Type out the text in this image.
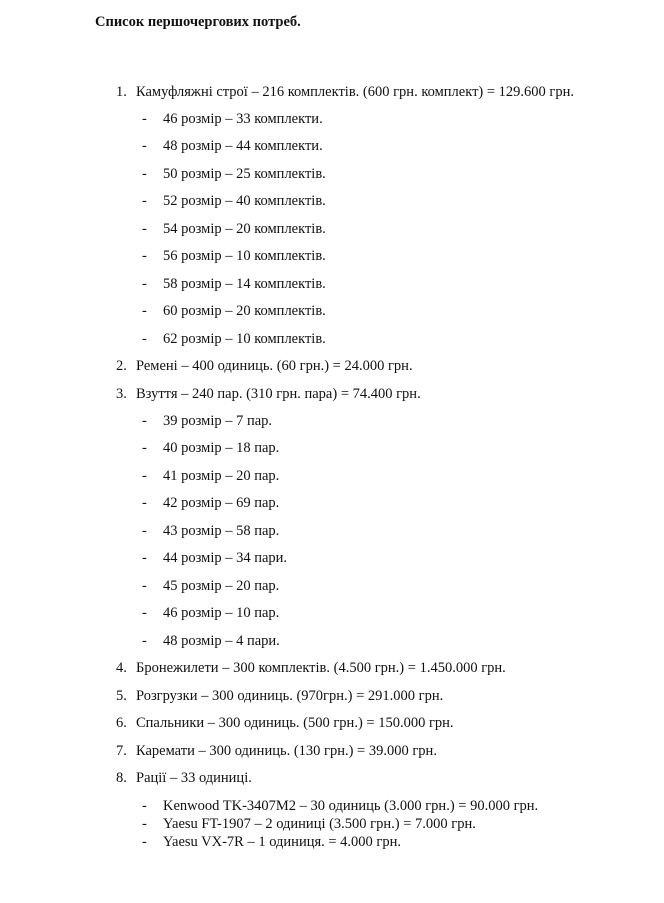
Список першочергових потреб.
1. Камуфляжні строї – 216 комплектів. (600 грн. комплект) = 129.600 грн.
- 46 розмір – 33 комплекти.
- 48 розмір – 44 комплекти.
- 50 розмір – 25 комплектів.
- 52 розмір – 40 комплектів.
- 54 розмір – 20 комплектів.
- 56 розмір – 10 комплектів.
- 58 розмір – 14 комплектів.
- 60 розмір – 20 комплектів.
- 62 розмір – 10 комплектів.
2. Ремені – 400 одиниць. (60 грн.) = 24.000 грн.
3. Взуття – 240 пар. (310 грн. пара) = 74.400 грн.
- 39 розмір – 7 пар.
- 40 розмір – 18 пар.
- 41 розмір – 20 пар.
- 42 розмір – 69 пар.
- 43 розмір – 58 пар.
- 44 розмір – 34 пари.
- 45 розмір – 20 пар.
- 46 розмір – 10 пар.
- 48 розмір – 4 пари.
4. Бронежилети – 300 комплектів. (4.500 грн.) = 1.450.000 грн.
5. Розгрузки – 300 одиниць. (970грн.) = 291.000 грн.
6. Спальники – 300 одиниць. (500 грн.) = 150.000 грн.
7. Каремати – 300 одиниць. (130 грн.) = 39.000 грн.
8. Рації – 33 одиниці.
- Kenwood TK-3407M2 – 30 одиниць (3.000 грн.) = 90.000 грн.
- Yaesu FT-1907 – 2 одиниці (3.500 грн.) = 7.000 грн.
- Yaesu VX-7R – 1 одиниця. = 4.000 грн.
